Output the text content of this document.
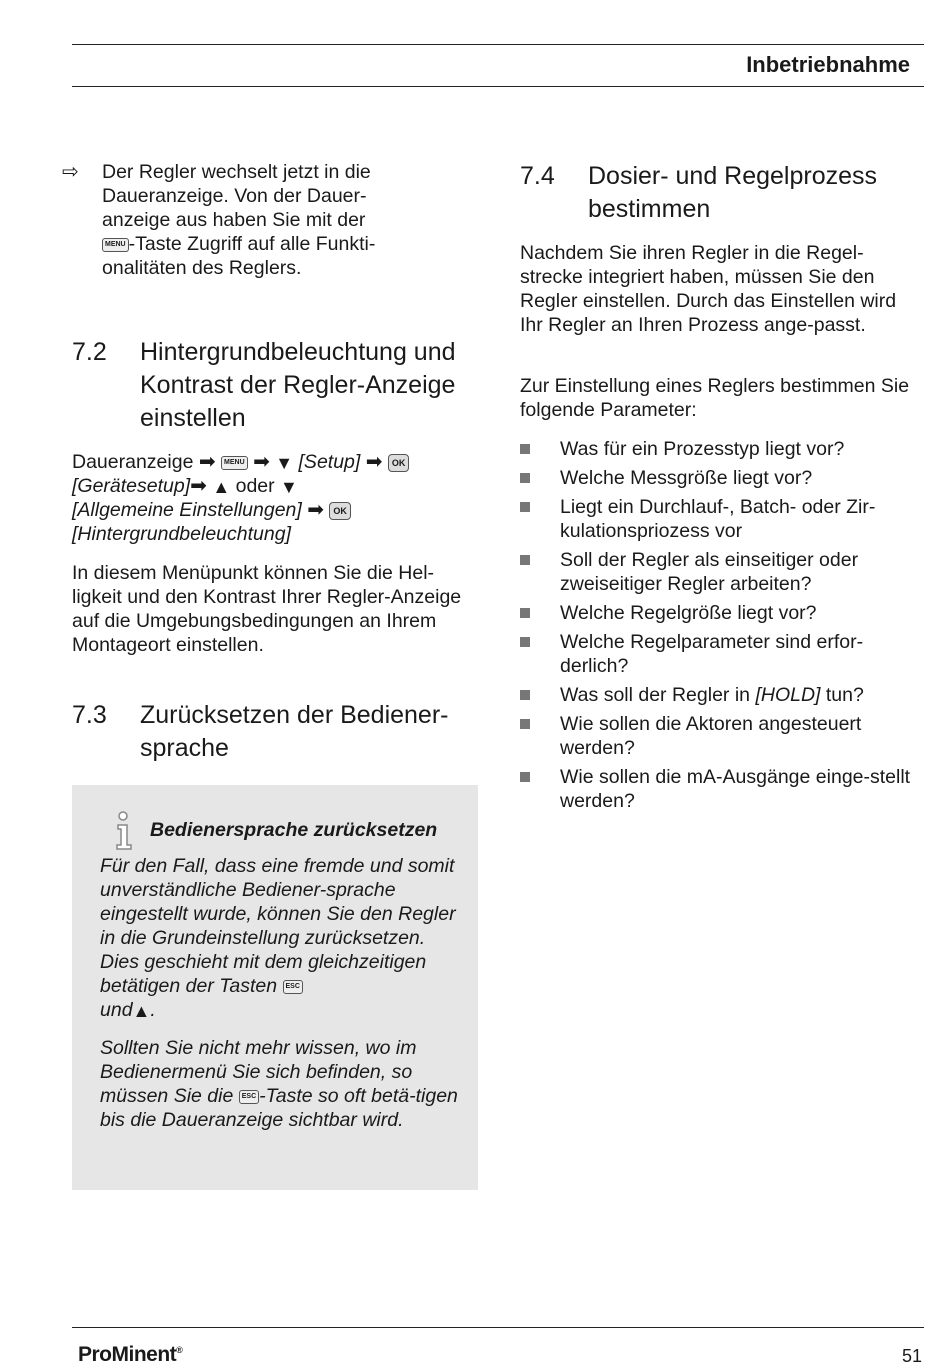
Inbetriebnahme
⇨	Der Regler wechselt jetzt in die Daueranzeige. Von der Dauer-anzeige aus haben Sie mit der
MENU -Taste Zugriff auf alle Funkti-onalitäten des Reglers.

7.2	Hintergrundbeleuchtung und Kontrast der Regler-Anzeige einstellen

Daueranzeige ➡ MENU ➡ ▼ [Setup] ➡ OK
[Gerätesetup]➡ ▲ oder ▼
[Allgemeine Einstellungen] ➡ OK
[Hintergrundbeleuchtung]

In diesem Menüpunkt können Sie die Hel-ligkeit und den Kontrast Ihrer Regler-Anzeige auf die Umgebungsbedingungen an Ihrem Montageort einstellen.

7.3	Zurücksetzen der Bediener-sprache
Bedienersprache zurücksetzen

Für den Fall, dass eine fremde und somit unverständliche Bediener-sprache eingestellt wurde, können Sie den Regler in die Grundeinstellung zurücksetzen. Dies geschieht mit dem gleichzeitigen betätigen der Tasten ESC
und▲.

Sollten Sie nicht mehr wissen, wo im Bedienermenü Sie sich befinden, so müssen Sie die ESC -Taste so oft betä-tigen bis die Daueranzeige sichtbar wird.

7.4	Dosier- und Regelprozess bestimmen

Nachdem Sie ihren Regler in die Regel-strecke integriert haben, müssen Sie den Regler einstellen. Durch das Einstellen wird Ihr Regler an Ihren Prozess ange-passt.

Zur Einstellung eines Reglers bestimmen Sie folgende Parameter:

Was für ein Prozesstyp liegt vor?
Welche Messgröße liegt vor?
Liegt ein Durchlauf-, Batch- oder Zir-kulationspriozess vor
Soll der Regler als einseitiger oder zweiseitiger Regler arbeiten?
Welche Regelgröße liegt vor?
Welche Regelparameter sind erfor-derlich?
Was soll der Regler in [HOLD] tun?
Wie sollen die Aktoren angesteuert werden?
Wie sollen die mA-Ausgänge einge-stellt werden?
ProMinent®	51
